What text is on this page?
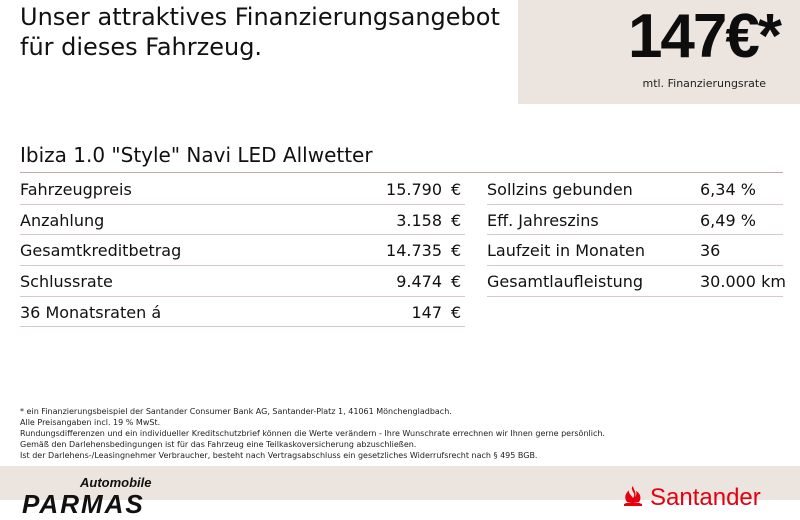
Unser attraktives Finanzierungsangebot
für dieses Fahrzeug.	147€*
mtl. Finanzierungsrate
Ibiza 1.0 "Style" Navi LED Allwetter
Fahrzeugpreis	15.790 €
Anzahlung	3.158 €
Gesamtkreditbetrag	14.735 €
Schlussrate	9.474 €
36 Monatsraten á	147 €
Sollzins gebunden	6,34 %
Eff. Jahreszins	6,49 %
Laufzeit in Monaten	36
Gesamtlaufleistung	30.000 km
* ein Finanzierungsbeispiel der Santander Consumer Bank AG, Santander-Platz 1, 41061 Mönchengladbach.
Alle Preisangaben incl. 19 % MwSt.
Rundungsdifferenzen und ein individueller Kreditschutzbrief können die Werte verändern - Ihre Wunschrate errechnen wir Ihnen gerne persönlich.
Gemäß den Darlehensbedingungen ist für das Fahrzeug eine Teilkaskoversicherung abzuschließen.
Ist der Darlehens-/Leasingnehmer Verbraucher, besteht nach Vertragsabschluss ein gesetzliches Widerrufsrecht nach § 495 BGB.
Automobile
PARMAS	Santander
